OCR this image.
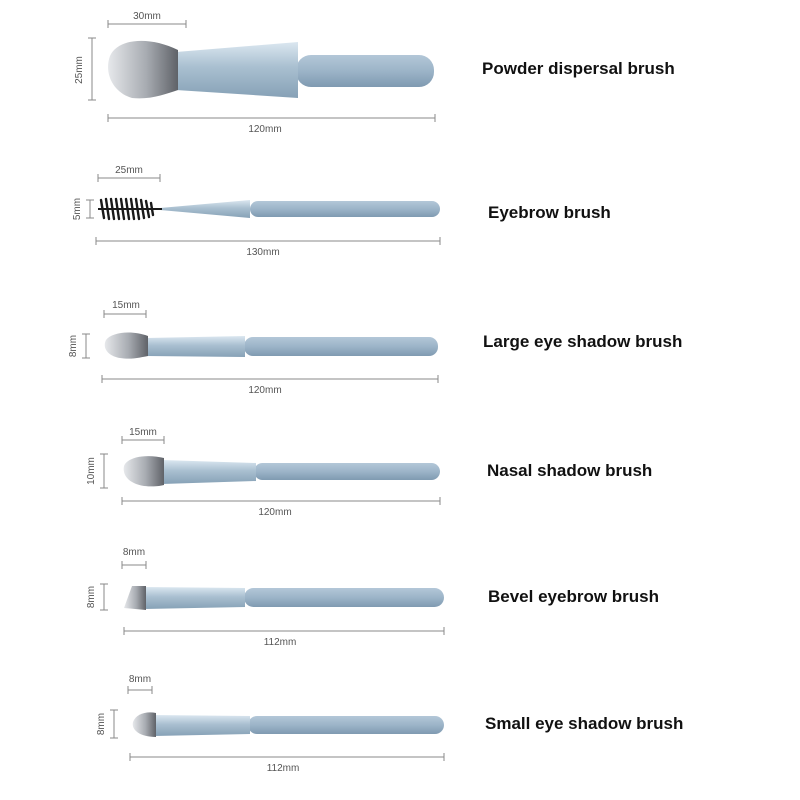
30mm
25mm
120mm
25mm
5mm
130mm
15mm
8mm
120mm
15mm
10mm
120mm
8mm
8mm
112mm
8mm
8mm
112mm
Powder dispersal brush
Eyebrow brush
Large eye shadow brush
Nasal shadow brush
Bevel eyebrow brush
Small eye shadow brush
